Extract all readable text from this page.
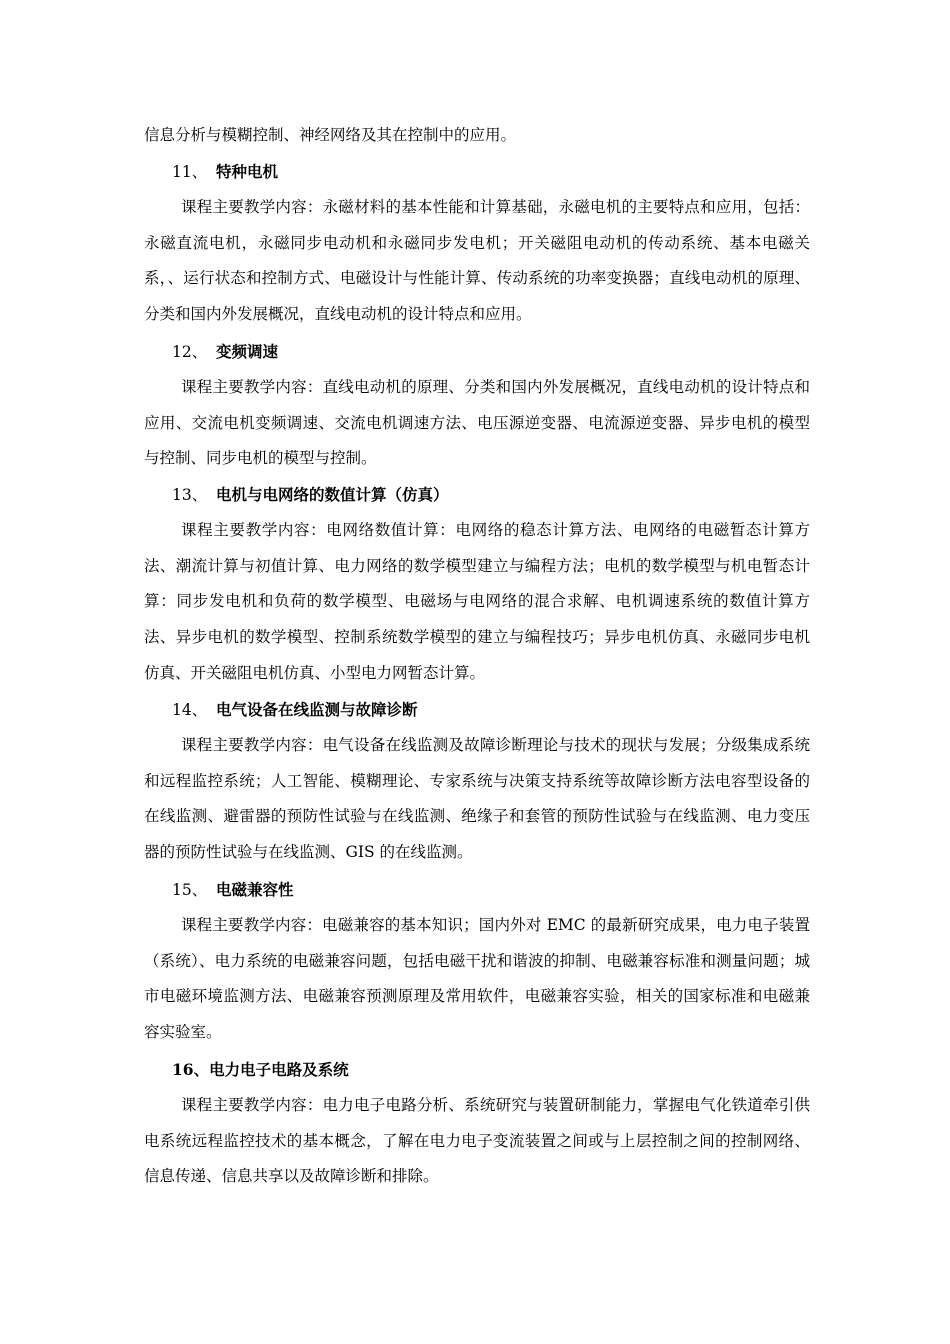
信息分析与模糊控制、神经网络及其在控制中的应用。

11、 特种电机

课程主要教学内容：永磁材料的基本性能和计算基础，永磁电机的主要特点和应用，包括：永磁直流电机，永磁同步电动机和永磁同步发电机；开关磁阻电动机的传动系统、基本电磁关系，、运行状态和控制方式、电磁设计与性能计算、传动系统的功率变换器；直线电动机的原理、分类和国内外发展概况，直线电动机的设计特点和应用。

12、 变频调速

课程主要教学内容：直线电动机的原理、分类和国内外发展概况，直线电动机的设计特点和应用、交流电机变频调速、交流电机调速方法、电压源逆变器、电流源逆变器、异步电机的模型与控制、同步电机的模型与控制。

13、 电机与电网络的数值计算（仿真）

课程主要教学内容：电网络数值计算：电网络的稳态计算方法、电网络的电磁暂态计算方法、潮流计算与初值计算、电力网络的数学模型建立与编程方法；电机的数学模型与机电暂态计算：同步发电机和负荷的数学模型、电磁场与电网络的混合求解、电机调速系统的数值计算方法、异步电机的数学模型、控制系统数学模型的建立与编程技巧；异步电机仿真、永磁同步电机仿真、开关磁阻电机仿真、小型电力网暂态计算。

14、 电气设备在线监测与故障诊断

课程主要教学内容：电气设备在线监测及故障诊断理论与技术的现状与发展；分级集成系统和远程监控系统；人工智能、模糊理论、专家系统与决策支持系统等故障诊断方法电容型设备的在线监测、避雷器的预防性试验与在线监测、绝缘子和套管的预防性试验与在线监测、电力变压器的预防性试验与在线监测、GIS 的在线监测。

15、 电磁兼容性

课程主要教学内容：电磁兼容的基本知识；国内外对 EMC 的最新研究成果，电力电子装置（系统）、电力系统的电磁兼容问题，包括电磁干扰和谐波的抑制、电磁兼容标准和测量问题；城市电磁环境监测方法、电磁兼容预测原理及常用软件，电磁兼容实验，相关的国家标准和电磁兼容实验室。

16、电力电子电路及系统

课程主要教学内容：电力电子电路分析、系统研究与装置研制能力，掌握电气化铁道牵引供电系统远程监控技术的基本概念，了解在电力电子变流装置之间或与上层控制之间的控制网络、信息传递、信息共享以及故障诊断和排除。
